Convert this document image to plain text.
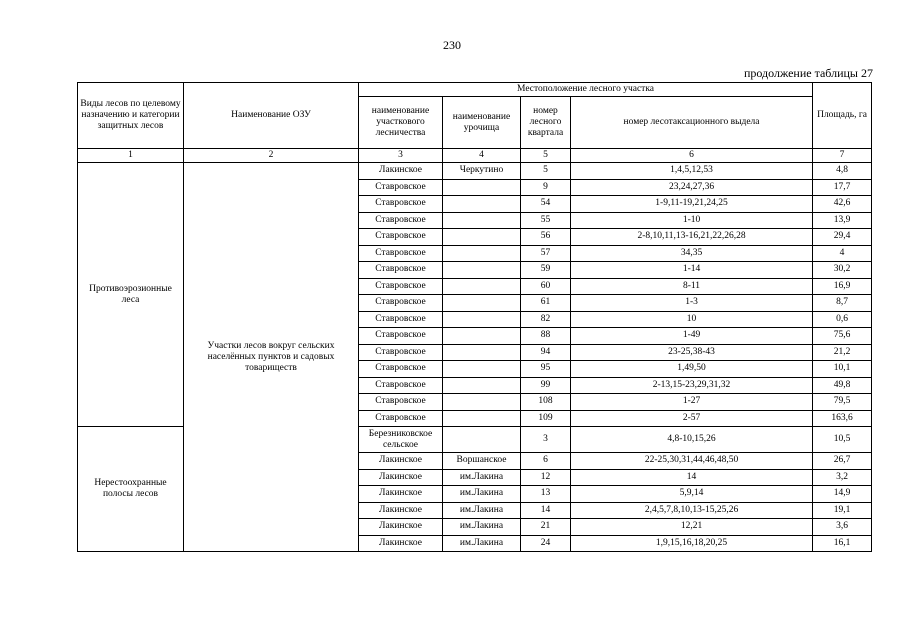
230
продолжение таблицы 27
Виды лесов по целевому назначению и категории защитных лесов	Наименование ОЗУ	Местоположение лесного участка				Площадь, га
		наименование участкового лесничества	наименование урочища	номер лесного квартала	номер лесотаксационного выдела	
1	2	3	4	5	6	7
Противоэрозионные леса	Участки лесов вокруг сельских населённых пунктов и садовых товариществ	Лакинское	Черкутино	5	1,4,5,12,53	4,8
		Ставровское		9	23,24,27,36	17,7
		Ставровское		54	1-9,11-19,21,24,25	42,6
		Ставровское		55	1-10	13,9
		Ставровское		56	2-8,10,11,13-16,21,22,26,28	29,4
		Ставровское		57	34,35	4
		Ставровское		59	1-14	30,2
		Ставровское		60	8-11	16,9
		Ставровское		61	1-3	8,7
		Ставровское		82	10	0,6
		Ставровское		88	1-49	75,6
		Ставровское		94	23-25,38-43	21,2
		Ставровское		95	1,49,50	10,1
		Ставровское		99	2-13,15-23,29,31,32	49,8
		Ставровское		108	1-27	79,5
		Ставровское		109	2-57	163,6
Нерестоохранные полосы лесов		Березниковское сельское		3	4,8-10,15,26	10,5
		Лакинское	Воршанское	6	22-25,30,31,44,46,48,50	26,7
		Лакинское	им.Лакина	12	14	3,2
		Лакинское	им.Лакина	13	5,9,14	14,9
		Лакинское	им.Лакина	14	2,4,5,7,8,10,13-15,25,26	19,1
		Лакинское	им.Лакина	21	12,21	3,6
		Лакинское	им.Лакина	24	1,9,15,16,18,20,25	16,1
